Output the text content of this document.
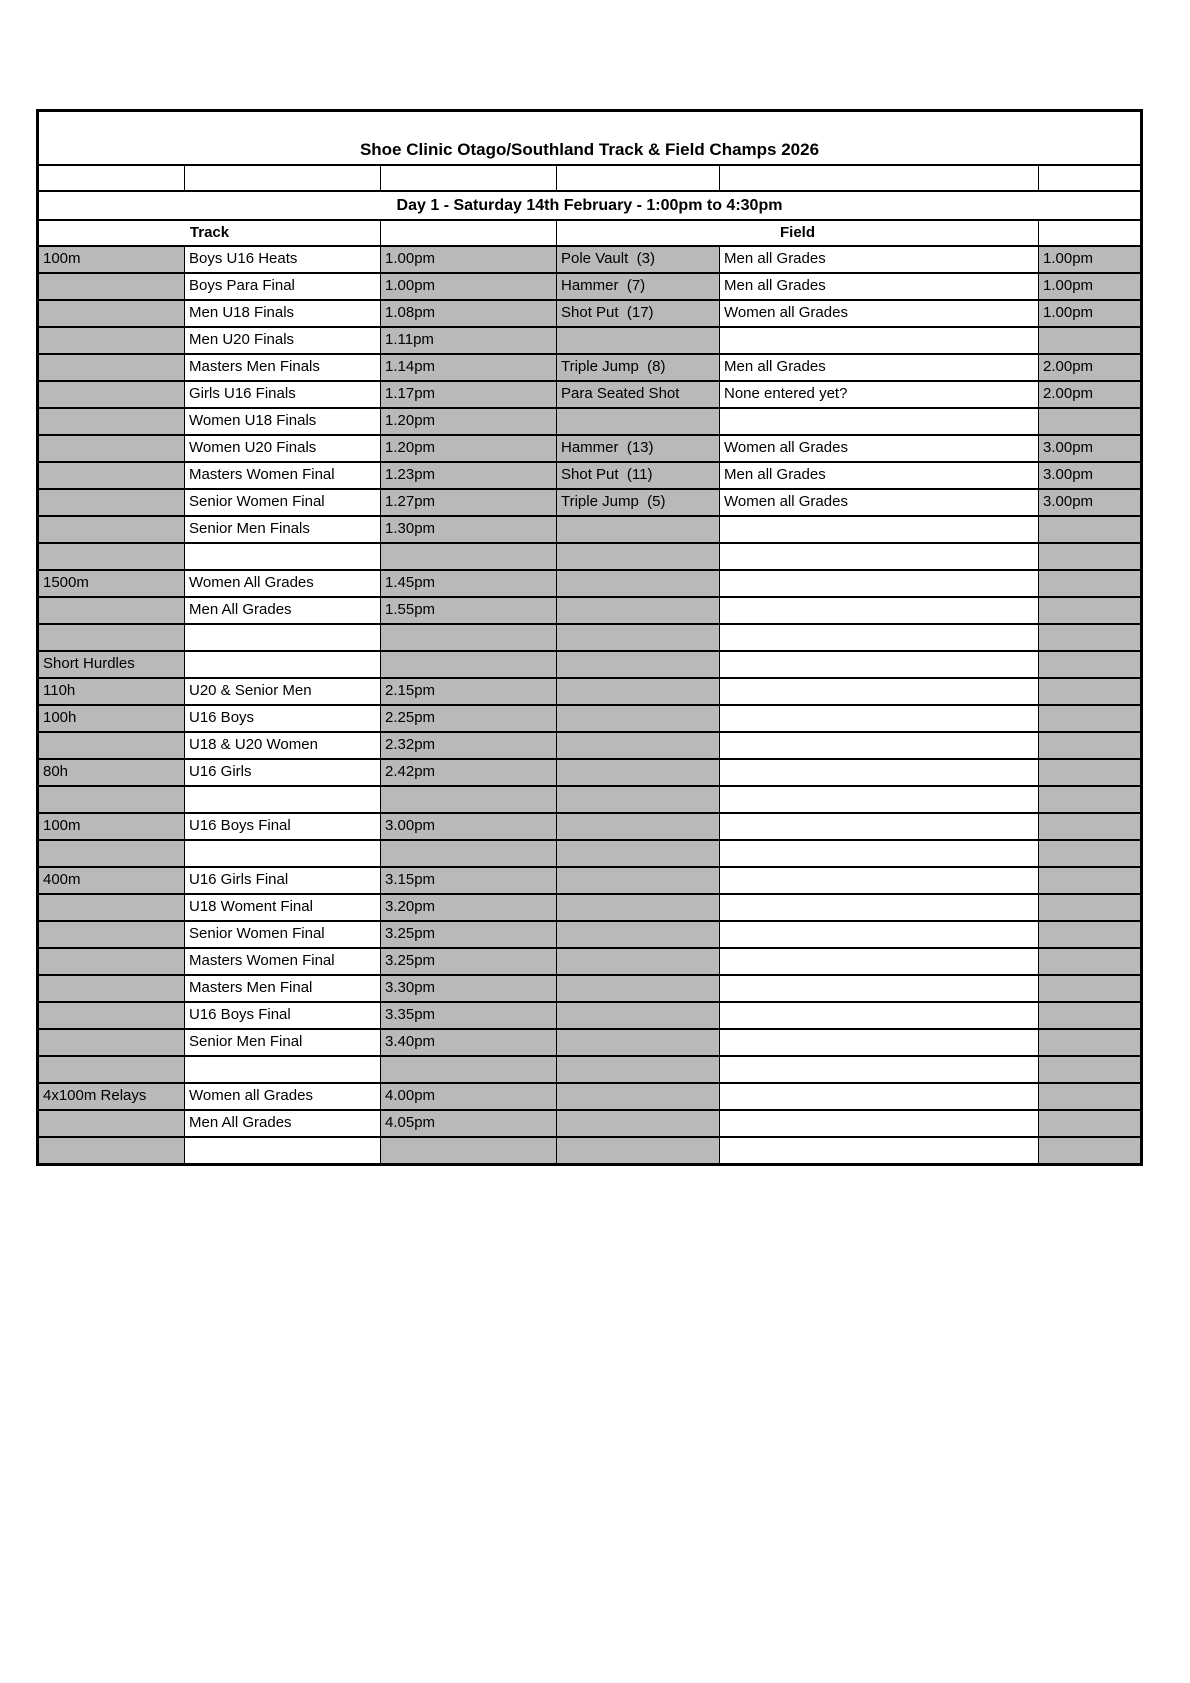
Shoe Clinic Otago/Southland Track & Field Champs 2026					

Day 1 - Saturday 14th February - 1:00pm to 4:30pm					
Track			Field		
100m	Boys U16 Heats	1.00pm	Pole Vault  (3)	Men all Grades	1.00pm
	Boys Para Final	1.00pm	Hammer  (7)	Men all Grades	1.00pm
	Men U18 Finals	1.08pm	Shot Put  (17)	Women all Grades	1.00pm
	Men U20 Finals	1.11pm			
	Masters Men Finals	1.14pm	Triple Jump  (8)	Men all Grades	2.00pm
	Girls U16 Finals	1.17pm	Para Seated Shot	None entered yet?	2.00pm
	Women U18 Finals	1.20pm			
	Women U20 Finals	1.20pm	Hammer  (13)	Women all Grades	3.00pm
	Masters Women Final	1.23pm	Shot Put  (11)	Men all Grades	3.00pm
	Senior Women Final	1.27pm	Triple Jump  (5)	Women all Grades	3.00pm
	Senior Men Finals	1.30pm			

1500m	Women All Grades	1.45pm			
	Men All Grades	1.55pm			

Short Hurdles					
110h	U20 & Senior Men	2.15pm			
100h	U16 Boys	2.25pm			
	U18 & U20 Women	2.32pm			
80h	U16 Girls	2.42pm			

100m	U16 Boys Final	3.00pm			

400m	U16 Girls Final	3.15pm			
	U18 Woment Final	3.20pm			
	Senior Women Final	3.25pm			
	Masters Women Final	3.25pm			
	Masters Men Final	3.30pm			
	U16 Boys Final	3.35pm			
	Senior Men Final	3.40pm			

4x100m Relays	Women all Grades	4.00pm			
	Men All Grades	4.05pm			
